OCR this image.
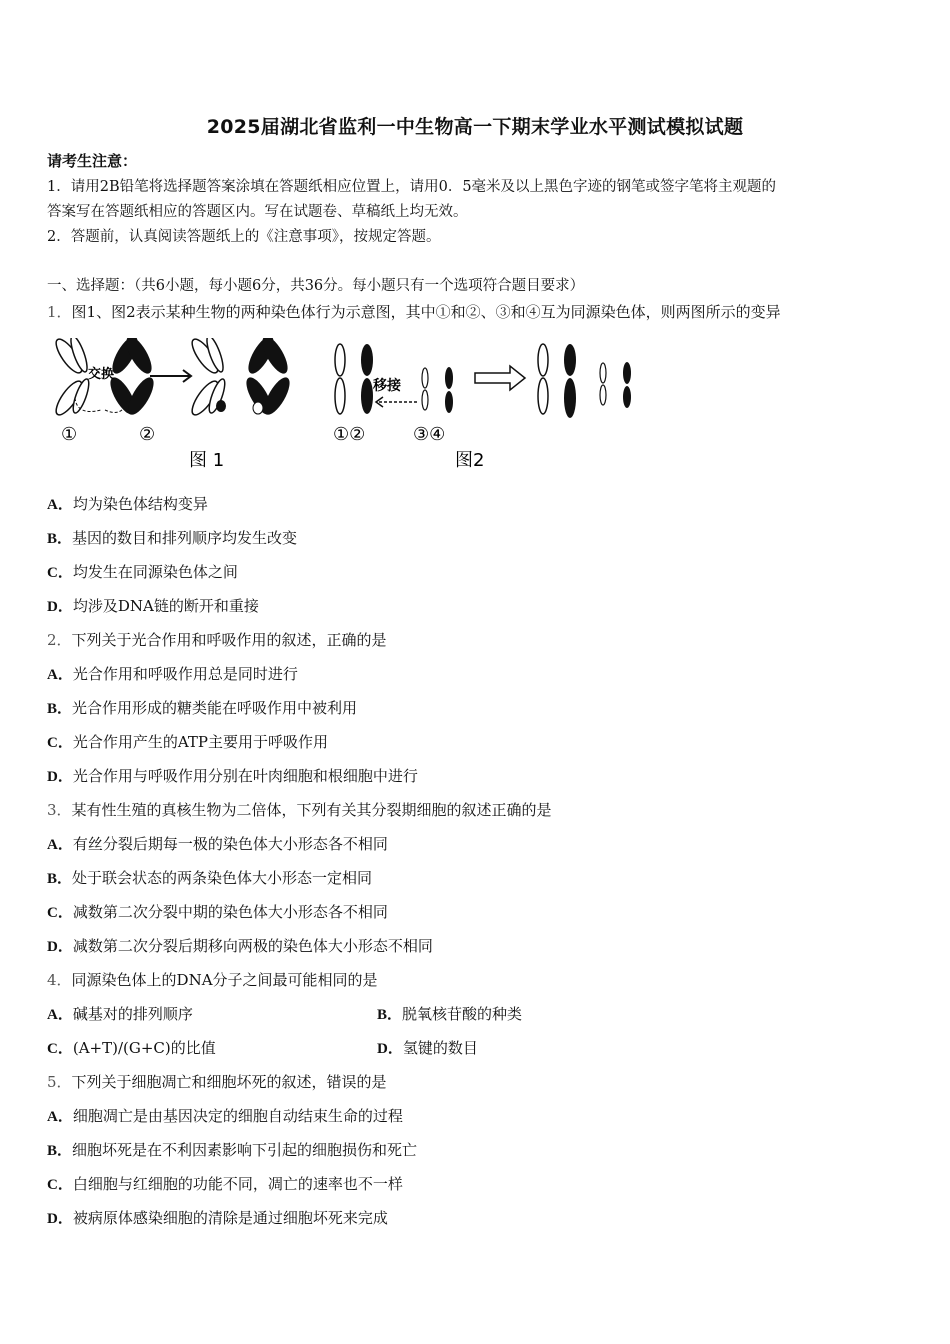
2025届湖北省监利一中生物高一下期末学业水平测试模拟试题
请考生注意：
1．请用2B铅笔将选择题答案涂填在答题纸相应位置上，请用0．5毫米及以上黑色字迹的钢笔或签字笔将主观题的
答案写在答题纸相应的答题区内。写在试题卷、草稿纸上均无效。
2．答题前，认真阅读答题纸上的《注意事项》，按规定答题。
一、选择题：（共6小题，每小题6分，共36分。每小题只有一个选项符合题目要求）
1．图1、图2表示某种生物的两种染色体行为示意图，其中①和②、③和④互为同源染色体，则两图所示的变异
交换
①	②
图 1
移接
①②	③④
图2
A．均为染色体结构变异
B．基因的数目和排列顺序均发生改变
C．均发生在同源染色体之间
D．均涉及DNA链的断开和重接
2．下列关于光合作用和呼吸作用的叙述，正确的是
A．光合作用和呼吸作用总是同时进行
B．光合作用形成的糖类能在呼吸作用中被利用
C．光合作用产生的ATP主要用于呼吸作用
D．光合作用与呼吸作用分别在叶肉细胞和根细胞中进行
3．某有性生殖的真核生物为二倍体，下列有关其分裂期细胞的叙述正确的是
A．有丝分裂后期每一极的染色体大小形态各不相同
B．处于联会状态的两条染色体大小形态一定相同
C．减数第二次分裂中期的染色体大小形态各不相同
D．减数第二次分裂后期移向两极的染色体大小形态不相同
4．同源染色体上的DNA分子之间最可能相同的是
A．碱基对的排列顺序	B．脱氧核苷酸的种类
C．(A+T)/(G+C)的比值	D．氢键的数目
5．下列关于细胞凋亡和细胞坏死的叙述，错误的是
A．细胞凋亡是由基因决定的细胞自动结束生命的过程
B．细胞坏死是在不利因素影响下引起的细胞损伤和死亡
C．白细胞与红细胞的功能不同，凋亡的速率也不一样
D．被病原体感染细胞的清除是通过细胞坏死来完成
